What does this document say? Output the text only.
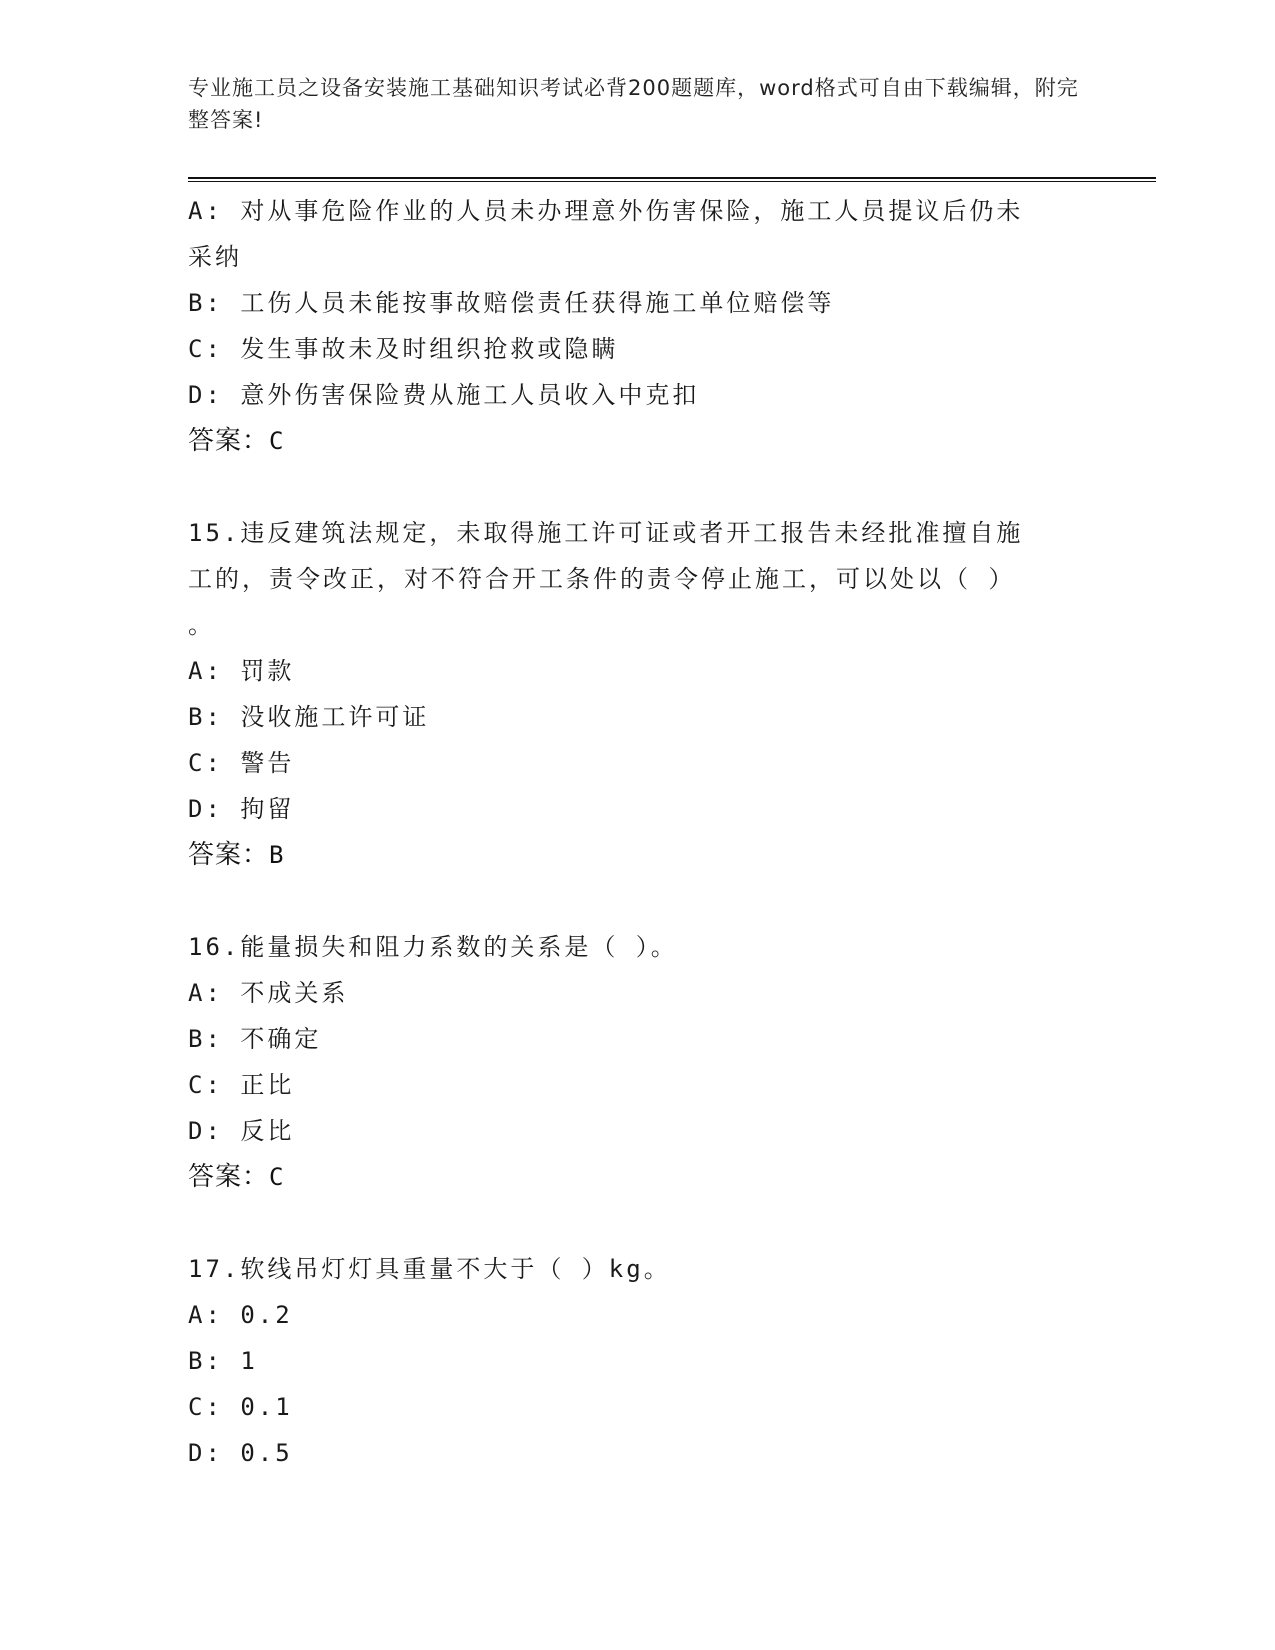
专业施工员之设备安装施工基础知识考试必背200题题库，word格式可自由下载编辑，附完整答案!
A: 对从事危险作业的人员未办理意外伤害保险，施工人员提议后仍未
采纳
B: 工伤人员未能按事故赔偿责任获得施工单位赔偿等
C: 发生事故未及时组织抢救或隐瞒
D: 意外伤害保险费从施工人员收入中克扣
答案：C
15.违反建筑法规定，未取得施工许可证或者开工报告未经批准擅自施
工的，责令改正，对不符合开工条件的责令停止施工，可以处以（ ）
。
A: 罚款
B: 没收施工许可证
C: 警告
D: 拘留
答案：B
16.能量损失和阻力系数的关系是（ ）。
A: 不成关系
B: 不确定
C: 正比
D: 反比
答案：C
17.软线吊灯灯具重量不大于（ ）kg。
A: 0.2
B: 1
C: 0.1
D: 0.5
